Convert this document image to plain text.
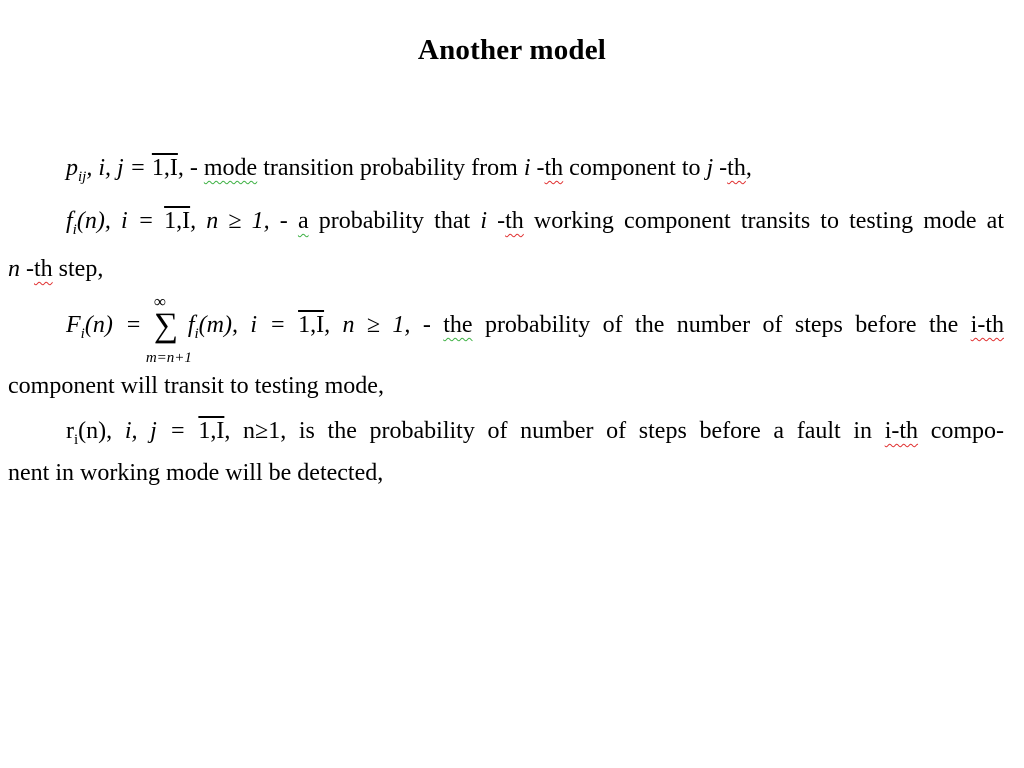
Another model
$p_{ij}$, i, j = 1,I, - mode transition probability from i -th component to j -th,
$f_i(n)$, i = 1,I, n ≥ 1, - a probability that i -th working component transits to testing mode at
n -th step,
$F_i(n)$ =
∞
∑
m=n+1
$f_i(m)$, i = 1,I, n ≥ 1, - the probability of the number of steps before the i-th
component will transit to testing mode,
$r_i(n)$, i, j = 1,I, n≥1, is the probability of number of steps before a fault in i-th compo-
nent in working mode will be detected,
